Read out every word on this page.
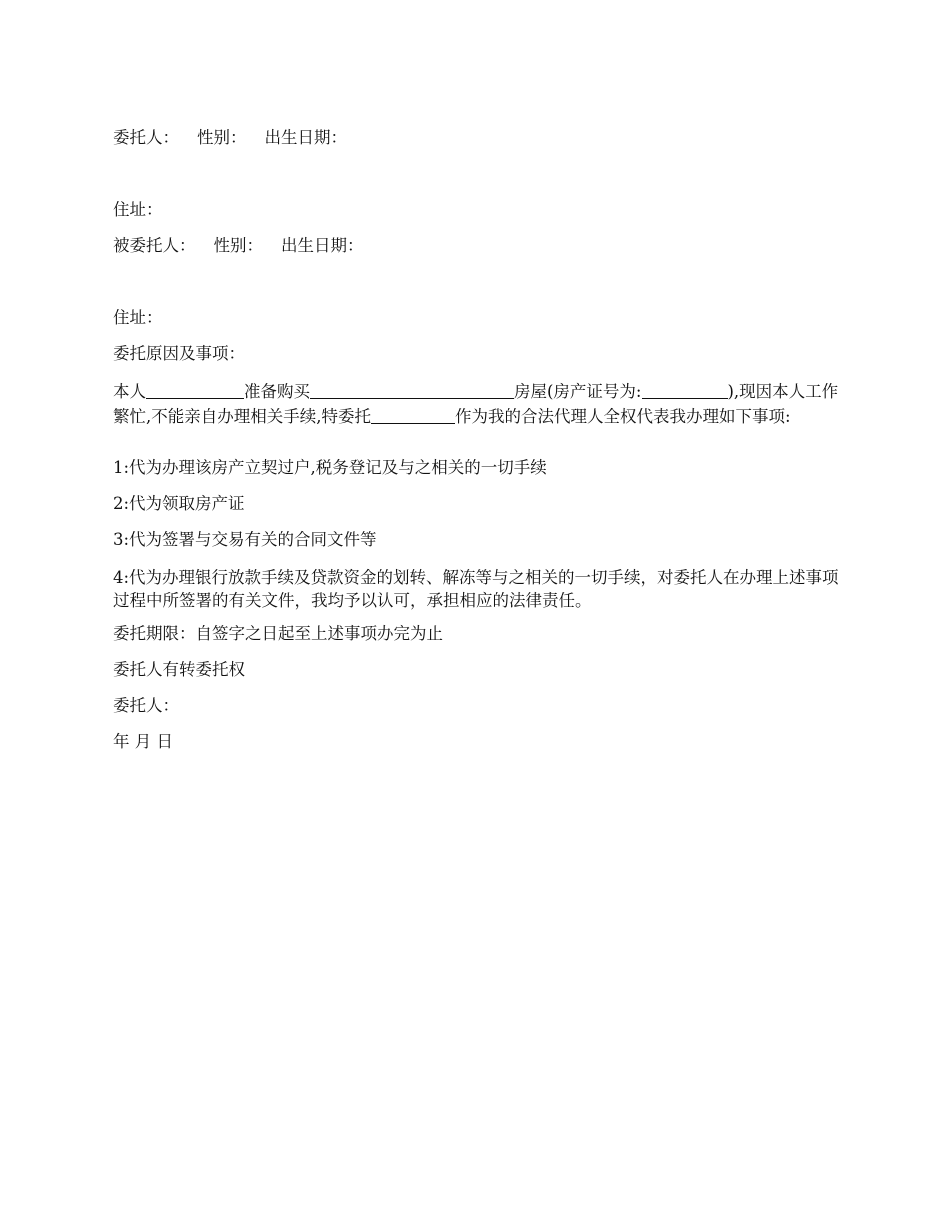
委托人： 性别： 出生日期：
住址：
被委托人： 性别： 出生日期：
住址：
委托原因及事项：
本人	准备购买	房屋(房产证号为:	),现因本人工作繁忙,不能亲自办理相关手续,特委托	作为我的合法代理人全权代表我办理如下事项:
1:代为办理该房产立契过户,税务登记及与之相关的一切手续
2:代为领取房产证
3:代为签署与交易有关的合同文件等
4:代为办理银行放款手续及贷款资金的划转、解冻等与之相关的一切手续，对委托人在办理上述事项过程中所签署的有关文件，我均予以认可，承担相应的法律责任。
委托期限：自签字之日起至上述事项办完为止
委托人有转委托权
委托人：
年 月 日
